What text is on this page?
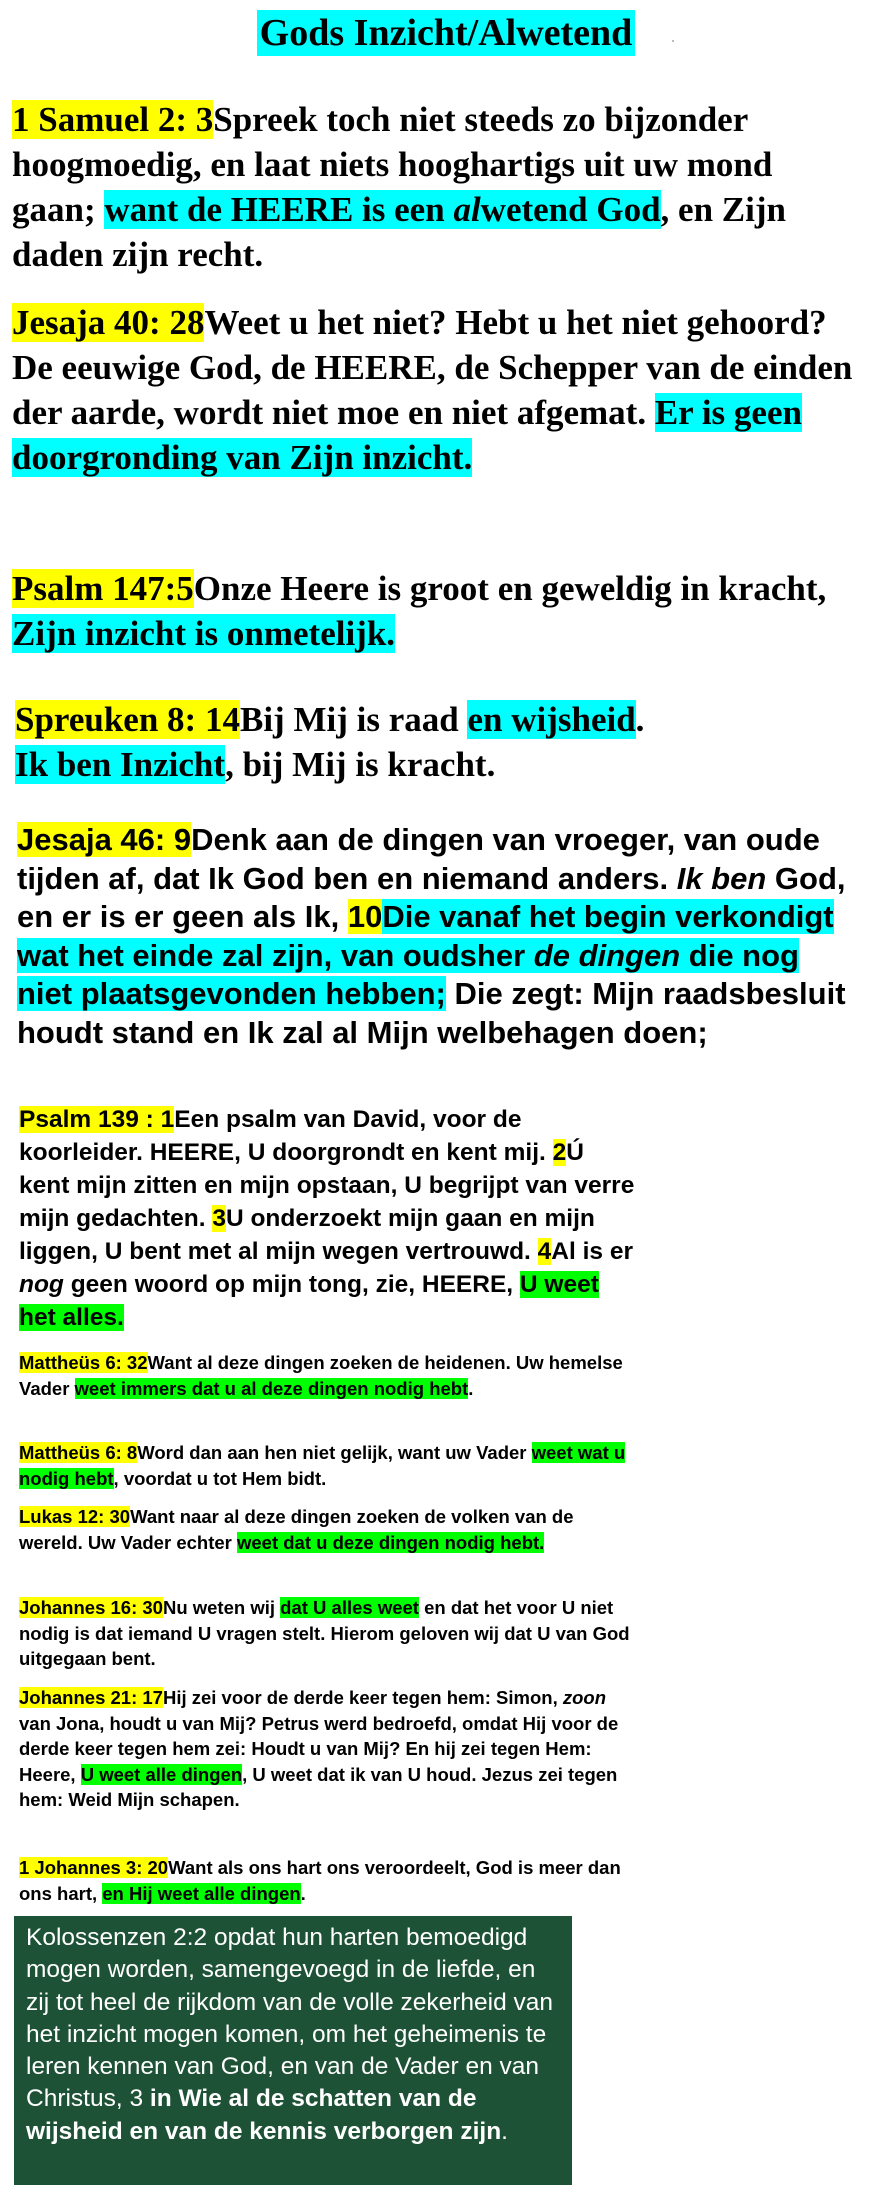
Gods Inzicht/Alwetend
1 Samuel 2: 3Spreek toch niet steeds zo bijzonder hoogmoedig, en laat niets hooghartigs uit uw mond gaan; want de HEERE is een alwetend God, en Zijn daden zijn recht.
Jesaja 40: 28Weet u het niet? Hebt u het niet gehoord? De eeuwige God, de HEERE, de Schepper van de einden der aarde, wordt niet moe en niet afgemat. Er is geen doorgronding van Zijn inzicht.
Psalm 147:5Onze Heere is groot en geweldig in kracht, Zijn inzicht is onmetelijk.
Spreuken 8: 14Bij Mij is raad en wijsheid.
Ik ben Inzicht, bij Mij is kracht.
Jesaja 46: 9Denk aan de dingen van vroeger, van oude tijden af, dat Ik God ben en niemand anders. Ik ben God, en er is er geen als Ik, 10Die vanaf het begin verkondigt wat het einde zal zijn, van oudsher de dingen die nog niet plaatsgevonden hebben; Die zegt: Mijn raadsbesluit houdt stand en Ik zal al Mijn welbehagen doen;
Psalm 139 : 1Een psalm van David, voor de koorleider. HEERE, U doorgrondt en kent mij. 2Ú kent mijn zitten en mijn opstaan, U begrijpt van verre mijn gedachten. 3U onderzoekt mijn gaan en mijn liggen, U bent met al mijn wegen vertrouwd. 4Al is er nog geen woord op mijn tong, zie, HEERE, U weet het alles.
Mattheüs 6: 32Want al deze dingen zoeken de heidenen. Uw hemelse Vader weet immers dat u al deze dingen nodig hebt.
Mattheüs 6: 8Word dan aan hen niet gelijk, want uw Vader weet wat u nodig hebt, voordat u tot Hem bidt.
Lukas 12: 30Want naar al deze dingen zoeken de volken van de wereld. Uw Vader echter weet dat u deze dingen nodig hebt.
Johannes 16: 30Nu weten wij dat U alles weet en dat het voor U niet nodig is dat iemand U vragen stelt. Hierom geloven wij dat U van God uitgegaan bent.
Johannes 21: 17Hij zei voor de derde keer tegen hem: Simon, zoon van Jona, houdt u van Mij? Petrus werd bedroefd, omdat Hij voor de derde keer tegen hem zei: Houdt u van Mij? En hij zei tegen Hem: Heere, U weet alle dingen, U weet dat ik van U houd. Jezus zei tegen hem: Weid Mijn schapen.
1 Johannes 3: 20Want als ons hart ons veroordeelt, God is meer dan ons hart, en Hij weet alle dingen.
Kolossenzen 2:2 opdat hun harten bemoedigd mogen worden, samengevoegd in de liefde, en zij tot heel de rijkdom van de volle zekerheid van het inzicht mogen komen, om het geheimenis te leren kennen van God, en van de Vader en van Christus, 3 in Wie al de schatten van de wijsheid en van de kennis verborgen zijn.
